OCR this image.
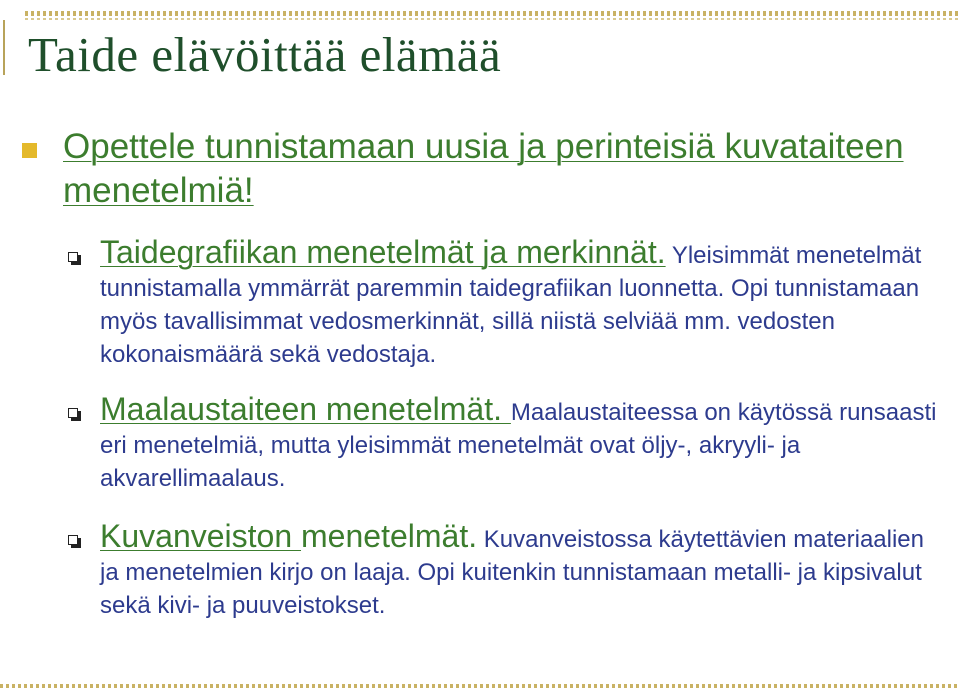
Taide elävöittää elämää

Opettele tunnistamaan uusia ja perinteisiä kuvataiteen menetelmiä!

Taidegrafiikan menetelmät ja merkinnät. Yleisimmät menetelmät tunnistamalla ymmärrät paremmin taidegrafiikan luonnetta. Opi tunnistamaan myös tavallisimmat vedosmerkinnät, sillä niistä selviää mm. vedosten kokonaismäärä sekä vedostaja.

Maalaustaiteen menetelmät. Maalaustaiteessa on käytössä runsaasti eri menetelmiä, mutta yleisimmät menetelmät ovat öljy-, akryyli- ja akvarellimaalaus.

Kuvanveiston menetelmät. Kuvanveistossa käytettävien materiaalien ja menetelmien kirjo on laaja. Opi kuitenkin tunnistamaan metalli- ja kipsivalut sekä kivi- ja puuveistokset.
